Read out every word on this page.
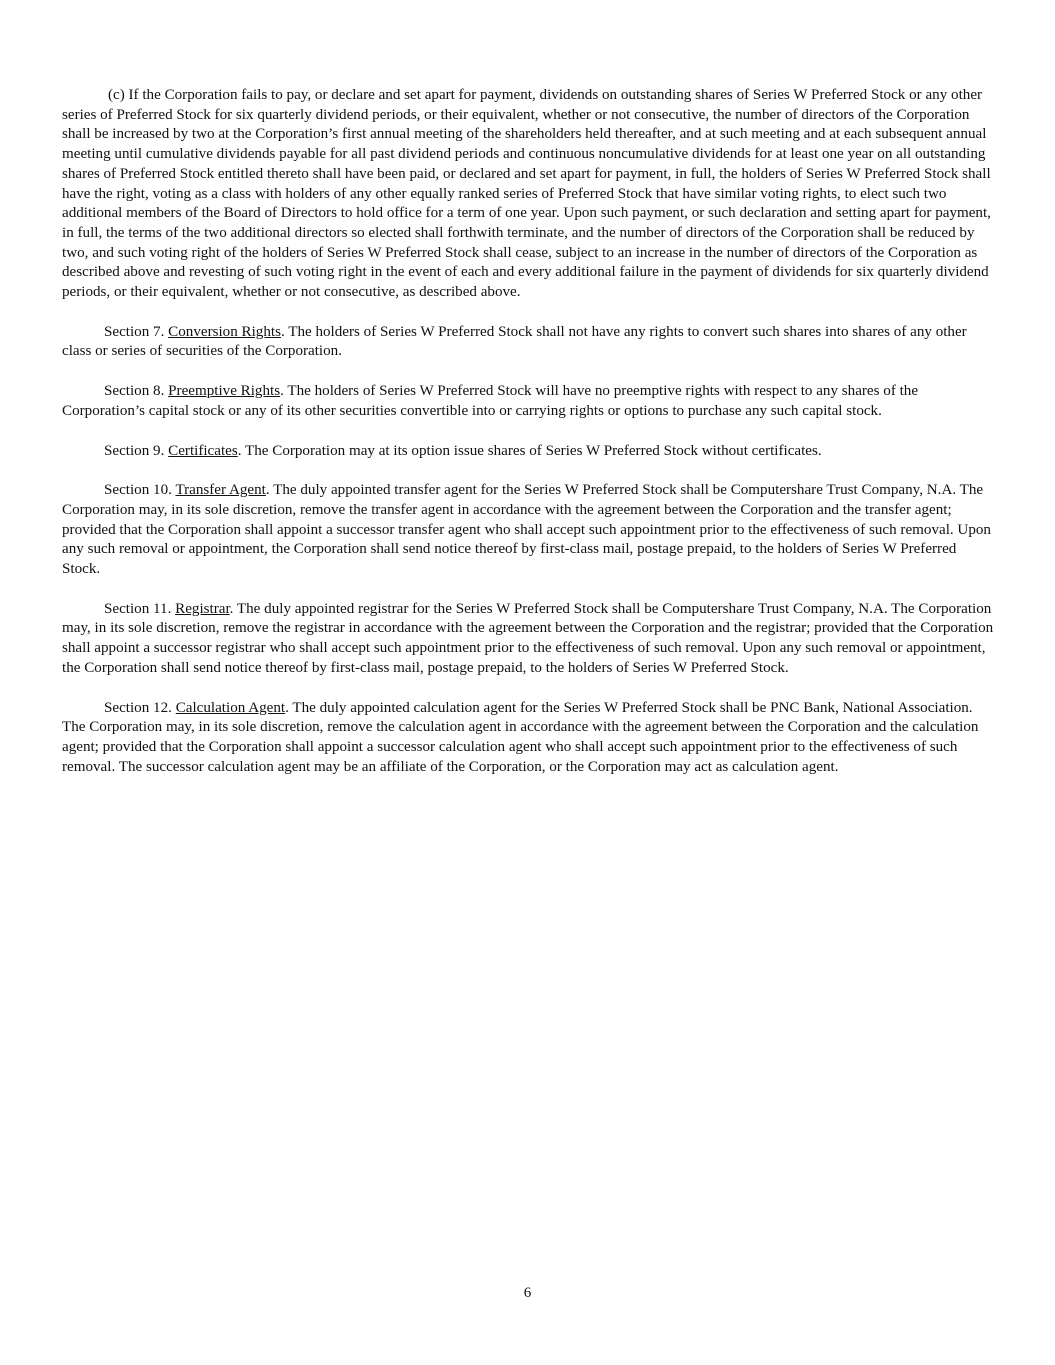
(c) If the Corporation fails to pay, or declare and set apart for payment, dividends on outstanding shares of Series W Preferred Stock or any other series of Preferred Stock for six quarterly dividend periods, or their equivalent, whether or not consecutive, the number of directors of the Corporation shall be increased by two at the Corporation’s first annual meeting of the shareholders held thereafter, and at such meeting and at each subsequent annual meeting until cumulative dividends payable for all past dividend periods and continuous noncumulative dividends for at least one year on all outstanding shares of Preferred Stock entitled thereto shall have been paid, or declared and set apart for payment, in full, the holders of Series W Preferred Stock shall have the right, voting as a class with holders of any other equally ranked series of Preferred Stock that have similar voting rights, to elect such two additional members of the Board of Directors to hold office for a term of one year. Upon such payment, or such declaration and setting apart for payment, in full, the terms of the two additional directors so elected shall forthwith terminate, and the number of directors of the Corporation shall be reduced by two, and such voting right of the holders of Series W Preferred Stock shall cease, subject to an increase in the number of directors of the Corporation as described above and revesting of such voting right in the event of each and every additional failure in the payment of dividends for six quarterly dividend periods, or their equivalent, whether or not consecutive, as described above.

Section 7. Conversion Rights. The holders of Series W Preferred Stock shall not have any rights to convert such shares into shares of any other class or series of securities of the Corporation.

Section 8. Preemptive Rights. The holders of Series W Preferred Stock will have no preemptive rights with respect to any shares of the Corporation’s capital stock or any of its other securities convertible into or carrying rights or options to purchase any such capital stock.

Section 9. Certificates. The Corporation may at its option issue shares of Series W Preferred Stock without certificates.

Section 10. Transfer Agent. The duly appointed transfer agent for the Series W Preferred Stock shall be Computershare Trust Company, N.A. The Corporation may, in its sole discretion, remove the transfer agent in accordance with the agreement between the Corporation and the transfer agent; provided that the Corporation shall appoint a successor transfer agent who shall accept such appointment prior to the effectiveness of such removal. Upon any such removal or appointment, the Corporation shall send notice thereof by first-class mail, postage prepaid, to the holders of Series W Preferred Stock.

Section 11. Registrar. The duly appointed registrar for the Series W Preferred Stock shall be Computershare Trust Company, N.A. The Corporation may, in its sole discretion, remove the registrar in accordance with the agreement between the Corporation and the registrar; provided that the Corporation shall appoint a successor registrar who shall accept such appointment prior to the effectiveness of such removal. Upon any such removal or appointment, the Corporation shall send notice thereof by first-class mail, postage prepaid, to the holders of Series W Preferred Stock.

Section 12. Calculation Agent. The duly appointed calculation agent for the Series W Preferred Stock shall be PNC Bank, National Association. The Corporation may, in its sole discretion, remove the calculation agent in accordance with the agreement between the Corporation and the calculation agent; provided that the Corporation shall appoint a successor calculation agent who shall accept such appointment prior to the effectiveness of such removal. The successor calculation agent may be an affiliate of the Corporation, or the Corporation may act as calculation agent.

6
